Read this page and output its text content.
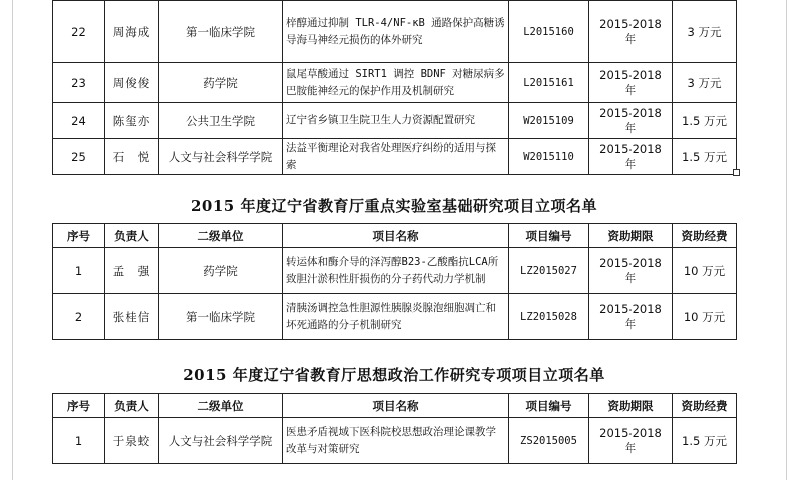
22	周海成	第一临床学院	梓醇通过抑制 TLR-4/NF-κB 通路保护高糖诱导海马神经元损伤的体外研究	L2015160	2015-2018 年	3 万元
23	周俊俊	药学院	鼠尾草酸通过 SIRT1 调控 BDNF 对糖尿病多巴胺能神经元的保护作用及机制研究	L2015161	2015-2018 年	3 万元
24	陈玺亦	公共卫生学院	辽宁省乡镇卫生院卫生人力资源配置研究	W2015109	2015-2018 年	1.5 万元
25	石　悦	人文与社会科学学院	法益平衡理论对我省处理医疗纠纷的适用与探索	W2015110	2015-2018 年	1.5 万元
2015 年度辽宁省教育厅重点实验室基础研究项目立项名单
序号	负责人	二级单位	项目名称	项目编号	资助期限	资助经费
1	孟　强	药学院	转运体和酶介导的泽泻醇B23-乙酸酯抗LCA所致胆汁淤积性肝损伤的分子药代动力学机制	LZ2015027	2015-2018 年	10 万元
2	张桂信	第一临床学院	清胰汤调控急性胆源性胰腺炎腺泡细胞凋亡和坏死通路的分子机制研究	LZ2015028	2015-2018 年	10 万元
2015 年度辽宁省教育厅思想政治工作研究专项项目立项名单
序号	负责人	二级单位	项目名称	项目编号	资助期限	资助经费
1	于泉蛟	人文与社会科学学院	医患矛盾视域下医科院校思想政治理论课教学改革与对策研究	ZS2015005	2015-2018 年	1.5 万元
